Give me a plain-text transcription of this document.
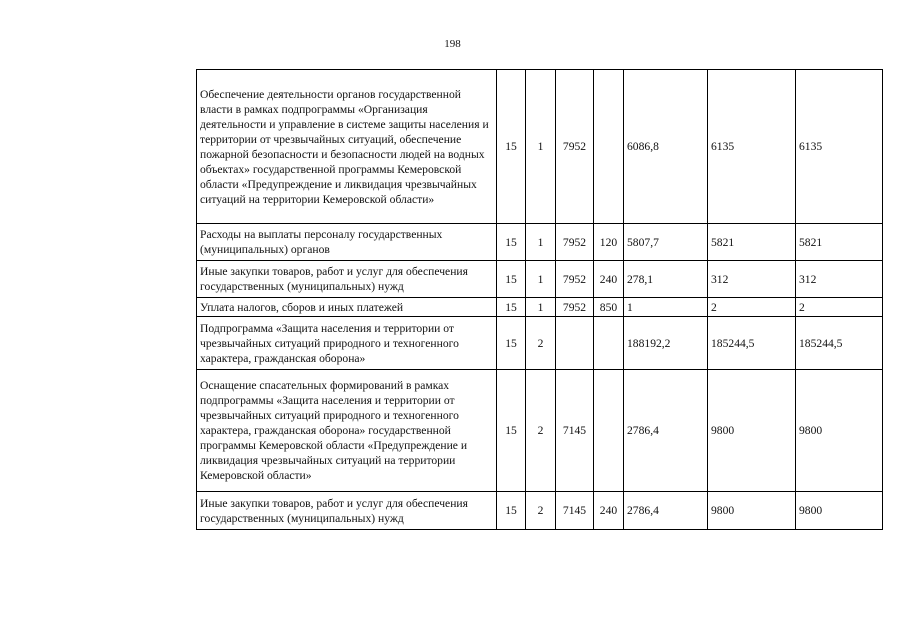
198
Обеспечение деятельности органов государственной власти в рамках подпрограммы «Организация деятельности и управление в системе защиты населения и территории от чрезвычайных ситуаций, обеспечение пожарной безопасности и безопасности людей на водных объектах» государственной программы Кемеровской области «Предупреждение и ликвидация чрезвычайных ситуаций на территории Кемеровской области»	15	1	7952		6086,8	6135	6135
Расходы на выплаты персоналу государственных (муниципальных) органов	15	1	7952	120	5807,7	5821	5821
Иные закупки товаров, работ и услуг для обеспечения государственных (муниципальных) нужд	15	1	7952	240	278,1	312	312
Уплата налогов, сборов и иных платежей	15	1	7952	850	1	2	2
Подпрограмма «Защита населения и территории от чрезвычайных ситуаций природного и техногенного характера, гражданская оборона»	15	2			188192,2	185244,5	185244,5
Оснащение спасательных формирований в рамках подпрограммы «Защита населения и территории от чрезвычайных ситуаций природного и техногенного характера, гражданская оборона» государственной программы Кемеровской области «Предупреждение и ликвидация чрезвычайных ситуаций на территории Кемеровской области»	15	2	7145		2786,4	9800	9800
Иные закупки товаров, работ и услуг для обеспечения государственных (муниципальных) нужд	15	2	7145	240	2786,4	9800	9800
